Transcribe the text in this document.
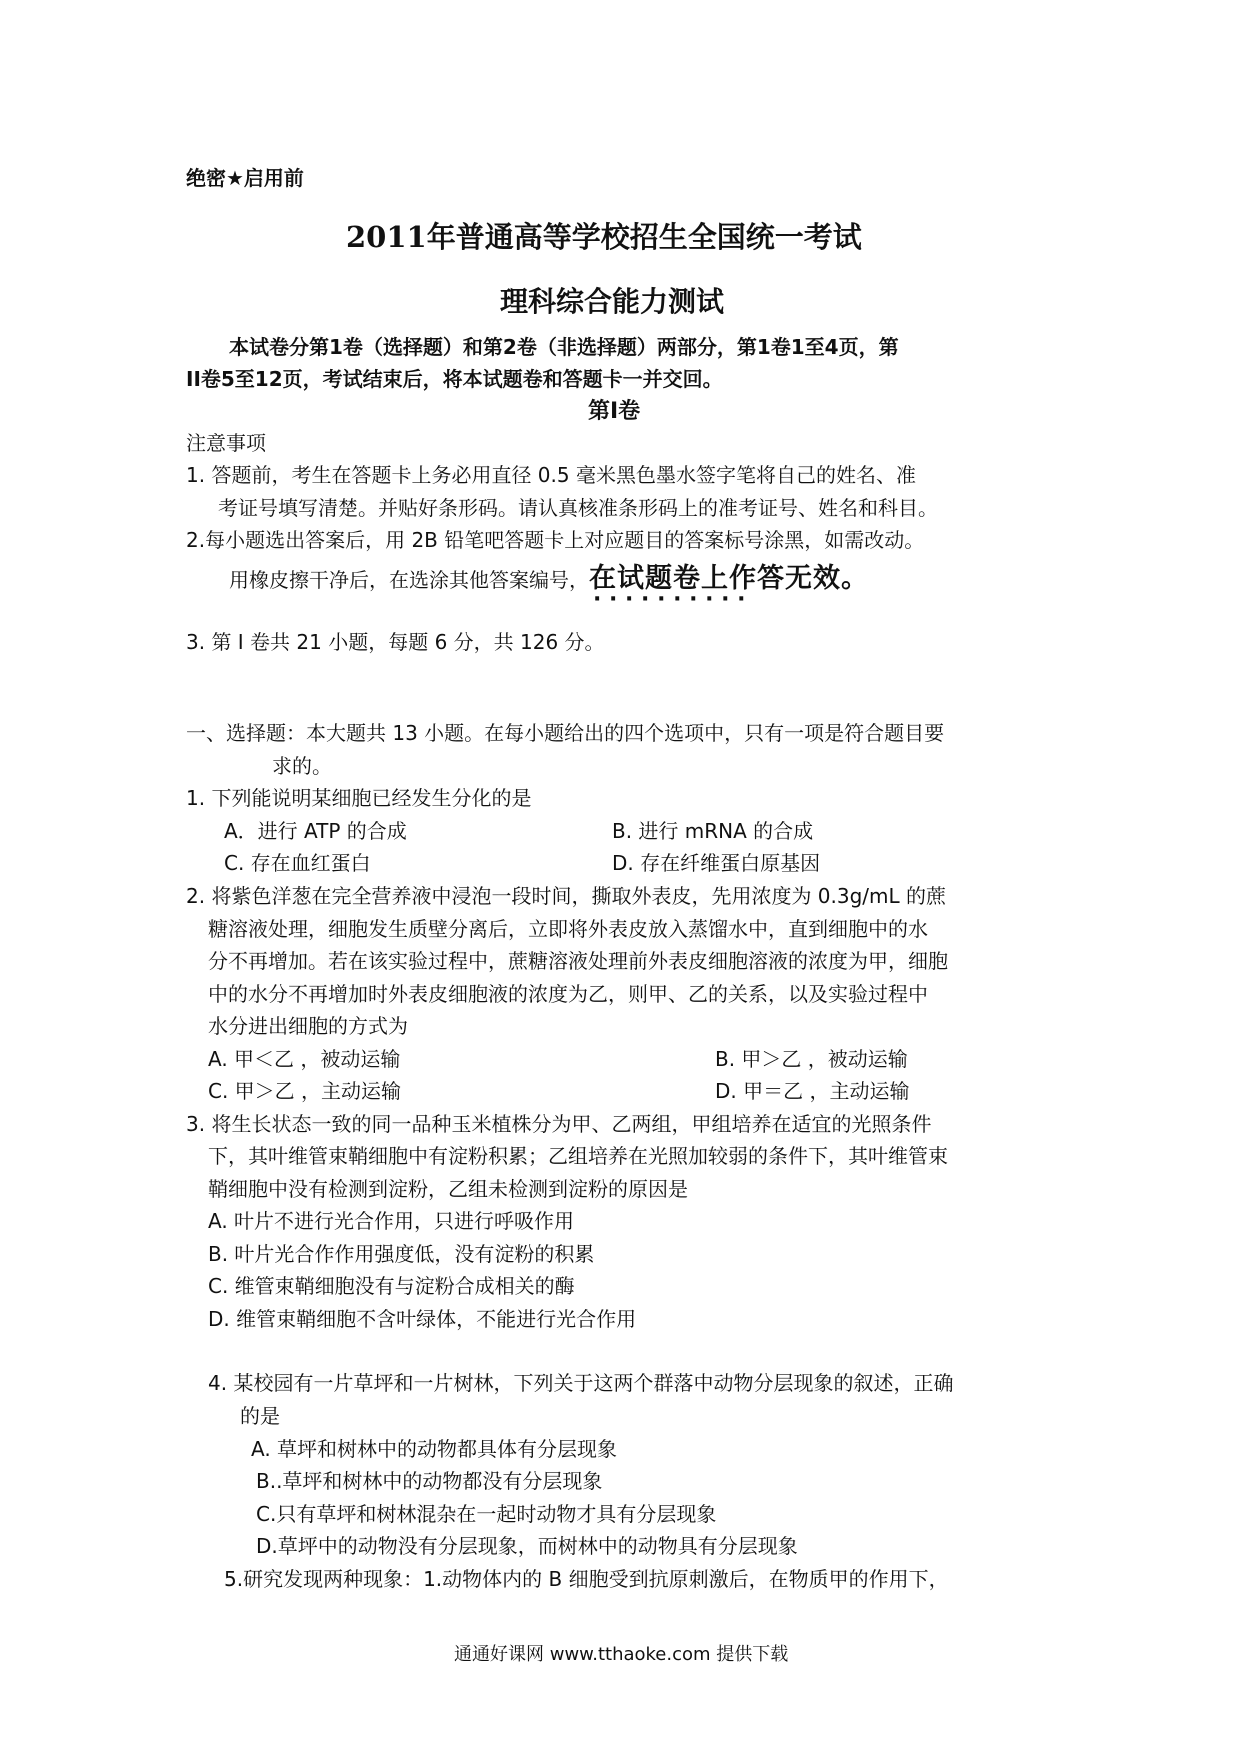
绝密★启用前
2011年普通高等学校招生全国统一考试
理科综合能力测试
本试卷分第1卷（选择题）和第2卷（非选择题）两部分，第1卷1至4页，第
II卷5至12页，考试结束后，将本试题卷和答题卡一并交回。
第I卷
注意事项
1. 答题前，考生在答题卡上务必用直径 0.5 毫米黑色墨水签字笔将自己的姓名、准
考证号填写清楚。并贴好条形码。请认真核准条形码上的准考证号、姓名和科目。
2.每小题选出答案后，用 2B 铅笔吧答题卡上对应题目的答案标号涂黑，如需改动。
用橡皮擦干净后，在选涂其他答案编号，在试题卷上作答无效。 · ·
3. 第 I 卷共 21 小题，每题 6 分，共 126 分。
一、选择题：本大题共 13 小题。在每小题给出的四个选项中，只有一项是符合题目要
求的。
1. 下列能说明某细胞已经发生分化的是
A．进行 ATP 的合成	B. 进行 mRNA 的合成
C. 存在血红蛋白	D. 存在纤维蛋白原基因
2. 将紫色洋葱在完全营养液中浸泡一段时间，撕取外表皮，先用浓度为 0.3g/mL 的蔗
糖溶液处理，细胞发生质壁分离后，立即将外表皮放入蒸馏水中，直到细胞中的水
分不再增加。若在该实验过程中，蔗糖溶液处理前外表皮细胞溶液的浓度为甲，细胞
中的水分不再增加时外表皮细胞液的浓度为乙，则甲、乙的关系，以及实验过程中
水分进出细胞的方式为
A. 甲＜乙 ，被动运输	B. 甲＞乙 ，被动运输
C. 甲＞乙 ，主动运输	D. 甲＝乙 ，主动运输
3. 将生长状态一致的同一品种玉米植株分为甲、乙两组，甲组培养在适宜的光照条件
下，其叶维管束鞘细胞中有淀粉积累；乙组培养在光照加较弱的条件下，其叶维管束
鞘细胞中没有检测到淀粉，乙组未检测到淀粉的原因是
A. 叶片不进行光合作用，只进行呼吸作用
B. 叶片光合作作用强度低，没有淀粉的积累
C. 维管束鞘细胞没有与淀粉合成相关的酶
D. 维管束鞘细胞不含叶绿体，不能进行光合作用
4. 某校园有一片草坪和一片树林，下列关于这两个群落中动物分层现象的叙述，正确
的是
A. 草坪和树林中的动物都具体有分层现象
B..草坪和树林中的动物都没有分层现象
C.只有草坪和树林混杂在一起时动物才具有分层现象
D.草坪中的动物没有分层现象，而树林中的动物具有分层现象
5.研究发现两种现象：1.动物体内的 B 细胞受到抗原刺激后，在物质甲的作用下，
通通好课网 www.tthaoke.com 提供下载
